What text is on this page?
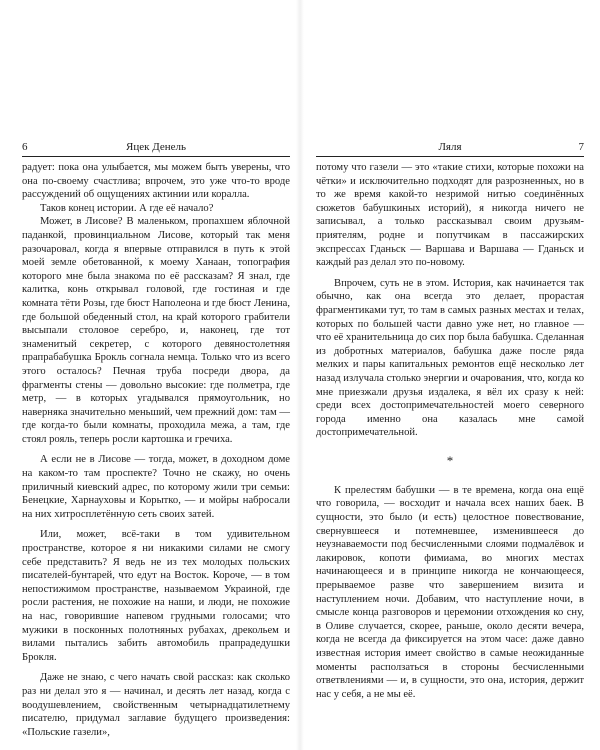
6	Яцек Денель

радует: пока она улыбается, мы можем быть уверены, что она по-своему счастлива; впрочем, это уже что-то вроде рассуждений об ощущениях актинии или коралла.

Таков конец истории. А где её начало?

Может, в Лисове? В маленьком, пропахшем яблочной паданкой, провинциальном Лисове, который так меня разочаровал, когда я впервые отправился в путь к этой моей земле обетованной, к моему Ханаан, топография которого мне была знакома по её рассказам? Я знал, где калитка, конь открывал головой, где гостиная и где комната тёти Розы, где бюст Наполеона и где бюст Ленина, где большой обеденный стол, на край которого грабители высыпали столовое серебро, и, наконец, где тот знаменитый секретер, с которого девяностолетняя прапрабабушка Брокль согнала немца. Только что из всего этого осталось? Печная труба посреди двора, да фрагменты стены — довольно высокие: где полметра, где метр, — в которых угадывался прямоугольник, но наверняка значительно меньший, чем прежний дом: там — где когда-то были комнаты, проходила межа, а там, где стоял рояль, теперь росли картошка и гречиха.

А если не в Лисове — тогда, может, в доходном доме на каком-то там проспекте? Точно не скажу, но очень приличный киевский адрес, по которому жили три семьи: Бенецкие, Харнауховы и Корытко, — и мойры набросали на них хитросплетённую сеть своих затей.

Или, может, всё-таки в том удивительном пространстве, которое я ни никакими силами не смогу себе представить? Я ведь не из тех молодых польских писателей-бунтарей, что едут на Восток. Короче, — в том непостижимом пространстве, называемом Украиной, где росли растения, не похожие на наши, и люди, не похожие на нас, говорившие напевом грудными голосами; что мужики в посконных полотняных рубахах, дрекольем и вилами пытались забить автомобиль прапрадедушки Брокля.

Даже не знаю, с чего начать свой рассказ: как сколько раз ни делал это я — начинал, и десять лет назад, когда с воодушевлением, свойственным четырнадцатилетнему писателю, придумал заглавие будущего произведения: «Польские газели»,

Ляля	7

потому что газели — это «такие стихи, которые похожи на чётки» и исключительно подходят для разрозненных, но в то же время какой-то незримой нитью соединённых сюжетов бабушкиных историй), я никогда ничего не записывал, а только рассказывал своим друзьям-приятелям, родне и попутчикам в пассажирских экспрессах Гданьск — Варшава и Варшава — Гданьск и каждый раз делал это по-новому.

Впрочем, суть не в этом. История, как начинается так обычно, как она всегда это делает, прорастая фрагментиками тут, то там в самых разных местах и телах, которых по большей части давно уже нет, но главное — что её хранительница до сих пор была бабушка. Сделанная из добротных материалов, бабушка даже после ряда мелких и пары капитальных ремонтов ещё несколько лет назад излучала столько энергии и очарования, что, когда ко мне приезжали друзья издалека, я вёл их сразу к ней: среди всех достопримечательностей моего северного города именно она казалась мне самой достопримечательной.

*

К прелестям бабушки — в те времена, когда она ещё что говорила, — восходит и начала всех наших баек. В сущности, это было (и есть) целостное повествование, свернувшееся и потемневшее, изменившееся до неузнаваемости под бесчисленными слоями подмалёвок и лакировок, копоти фимиама, во многих местах начинающееся и в принципе никогда не кончающееся, прерываемое разве что завершением визита и наступлением ночи. Добавим, что наступление ночи, в смысле конца разговоров и церемонии отхождения ко сну, в Оливе случается, скорее, раньше, около десяти вечера, когда не всегда да фиксируется на этом часе: даже давно известная история имеет свойство в самые неожиданные моменты расползаться в стороны бесчисленными ответвлениями — и, в сущности, это она, история, держит нас у себя, а не мы её.
